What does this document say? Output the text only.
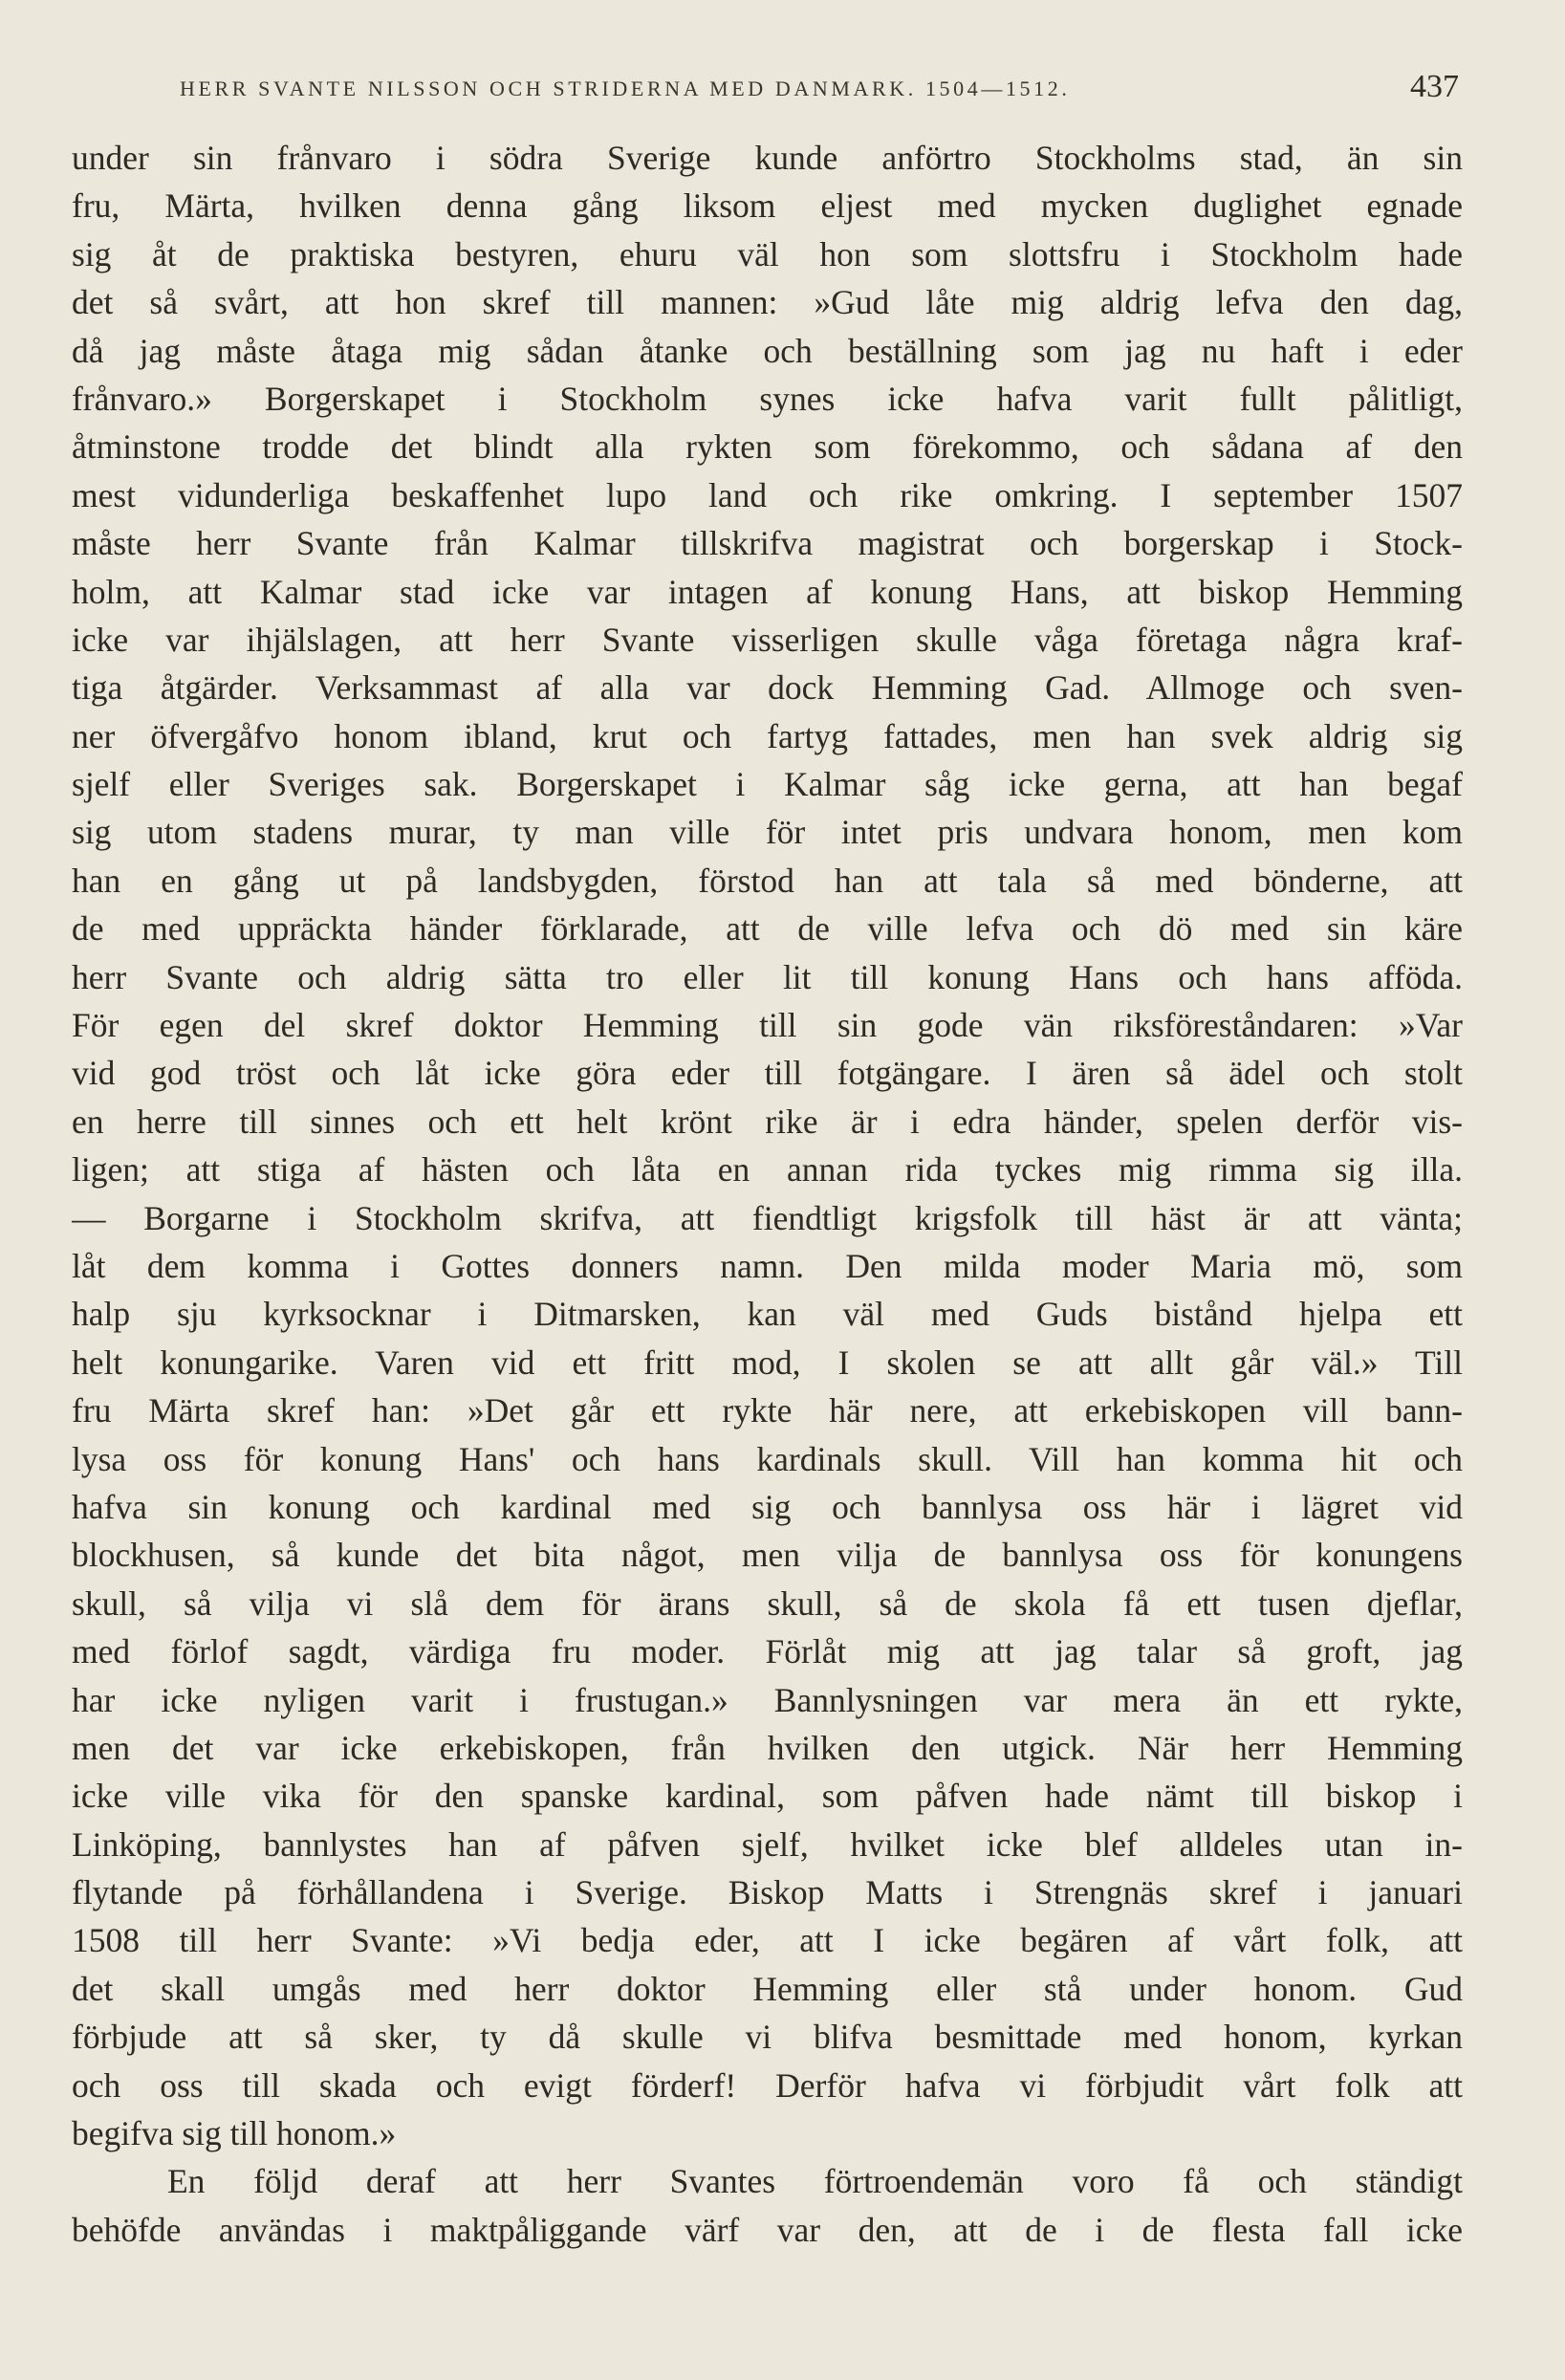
HERR SVANTE NILSSON OCH STRIDERNA MED DANMARK. 1504—1512.	437
under sin frånvaro i södra Sverige kunde anförtro Stockholms stad, än sin
fru, Märta, hvilken denna gång liksom eljest med mycken duglighet egnade
sig åt de praktiska bestyren, ehuru väl hon som slottsfru i Stockholm hade
det så svårt, att hon skref till mannen: »Gud låte mig aldrig lefva den dag,
då jag måste åtaga mig sådan åtanke och beställning som jag nu haft i eder
frånvaro.» Borgerskapet i Stockholm synes icke hafva varit fullt pålitligt,
åtminstone trodde det blindt alla rykten som förekommo, och sådana af den
mest vidunderliga beskaffenhet lupo land och rike omkring. I september 1507
måste herr Svante från Kalmar tillskrifva magistrat och borgerskap i Stock-
holm, att Kalmar stad icke var intagen af konung Hans, att biskop Hemming
icke var ihjälslagen, att herr Svante visserligen skulle våga företaga några kraf-
tiga åtgärder. Verksammast af alla var dock Hemming Gad. Allmoge och sven-
ner öfvergåfvo honom ibland, krut och fartyg fattades, men han svek aldrig sig
sjelf eller Sveriges sak. Borgerskapet i Kalmar såg icke gerna, att han begaf
sig utom stadens murar, ty man ville för intet pris undvara honom, men kom
han en gång ut på landsbygden, förstod han att tala så med bönderne, att
de med uppräckta händer förklarade, att de ville lefva och dö med sin käre
herr Svante och aldrig sätta tro eller lit till konung Hans och hans afföda.
För egen del skref doktor Hemming till sin gode vän riksföreståndaren: »Var
vid god tröst och låt icke göra eder till fotgängare. I ären så ädel och stolt
en herre till sinnes och ett helt krönt rike är i edra händer, spelen derför vis-
ligen; att stiga af hästen och låta en annan rida tyckes mig rimma sig illa.
— Borgarne i Stockholm skrifva, att fiendtligt krigsfolk till häst är att vänta;
låt dem komma i Gottes donners namn. Den milda moder Maria mö, som
halp sju kyrksocknar i Ditmarsken, kan väl med Guds bistånd hjelpa ett
helt konungarike. Varen vid ett fritt mod, I skolen se att allt går väl.» Till
fru Märta skref han: »Det går ett rykte här nere, att erkebiskopen vill bann-
lysa oss för konung Hans' och hans kardinals skull. Vill han komma hit och
hafva sin konung och kardinal med sig och bannlysa oss här i lägret vid
blockhusen, så kunde det bita något, men vilja de bannlysa oss för konungens
skull, så vilja vi slå dem för ärans skull, så de skola få ett tusen djeflar,
med förlof sagdt, värdiga fru moder. Förlåt mig att jag talar så groft, jag
har icke nyligen varit i frustugan.» Bannlysningen var mera än ett rykte,
men det var icke erkebiskopen, från hvilken den utgick. När herr Hemming
icke ville vika för den spanske kardinal, som påfven hade nämt till biskop i
Linköping, bannlystes han af påfven sjelf, hvilket icke blef alldeles utan in-
flytande på förhållandena i Sverige. Biskop Matts i Strengnäs skref i januari
1508 till herr Svante: »Vi bedja eder, att I icke begären af vårt folk, att
det skall umgås med herr doktor Hemming eller stå under honom. Gud
förbjude att så sker, ty då skulle vi blifva besmittade med honom, kyrkan
och oss till skada och evigt förderf! Derför hafva vi förbjudit vårt folk att
begifva sig till honom.»
En följd deraf att herr Svantes förtroendemän voro få och ständigt
behöfde användas i maktpåliggande värf var den, att de i de flesta fall icke
